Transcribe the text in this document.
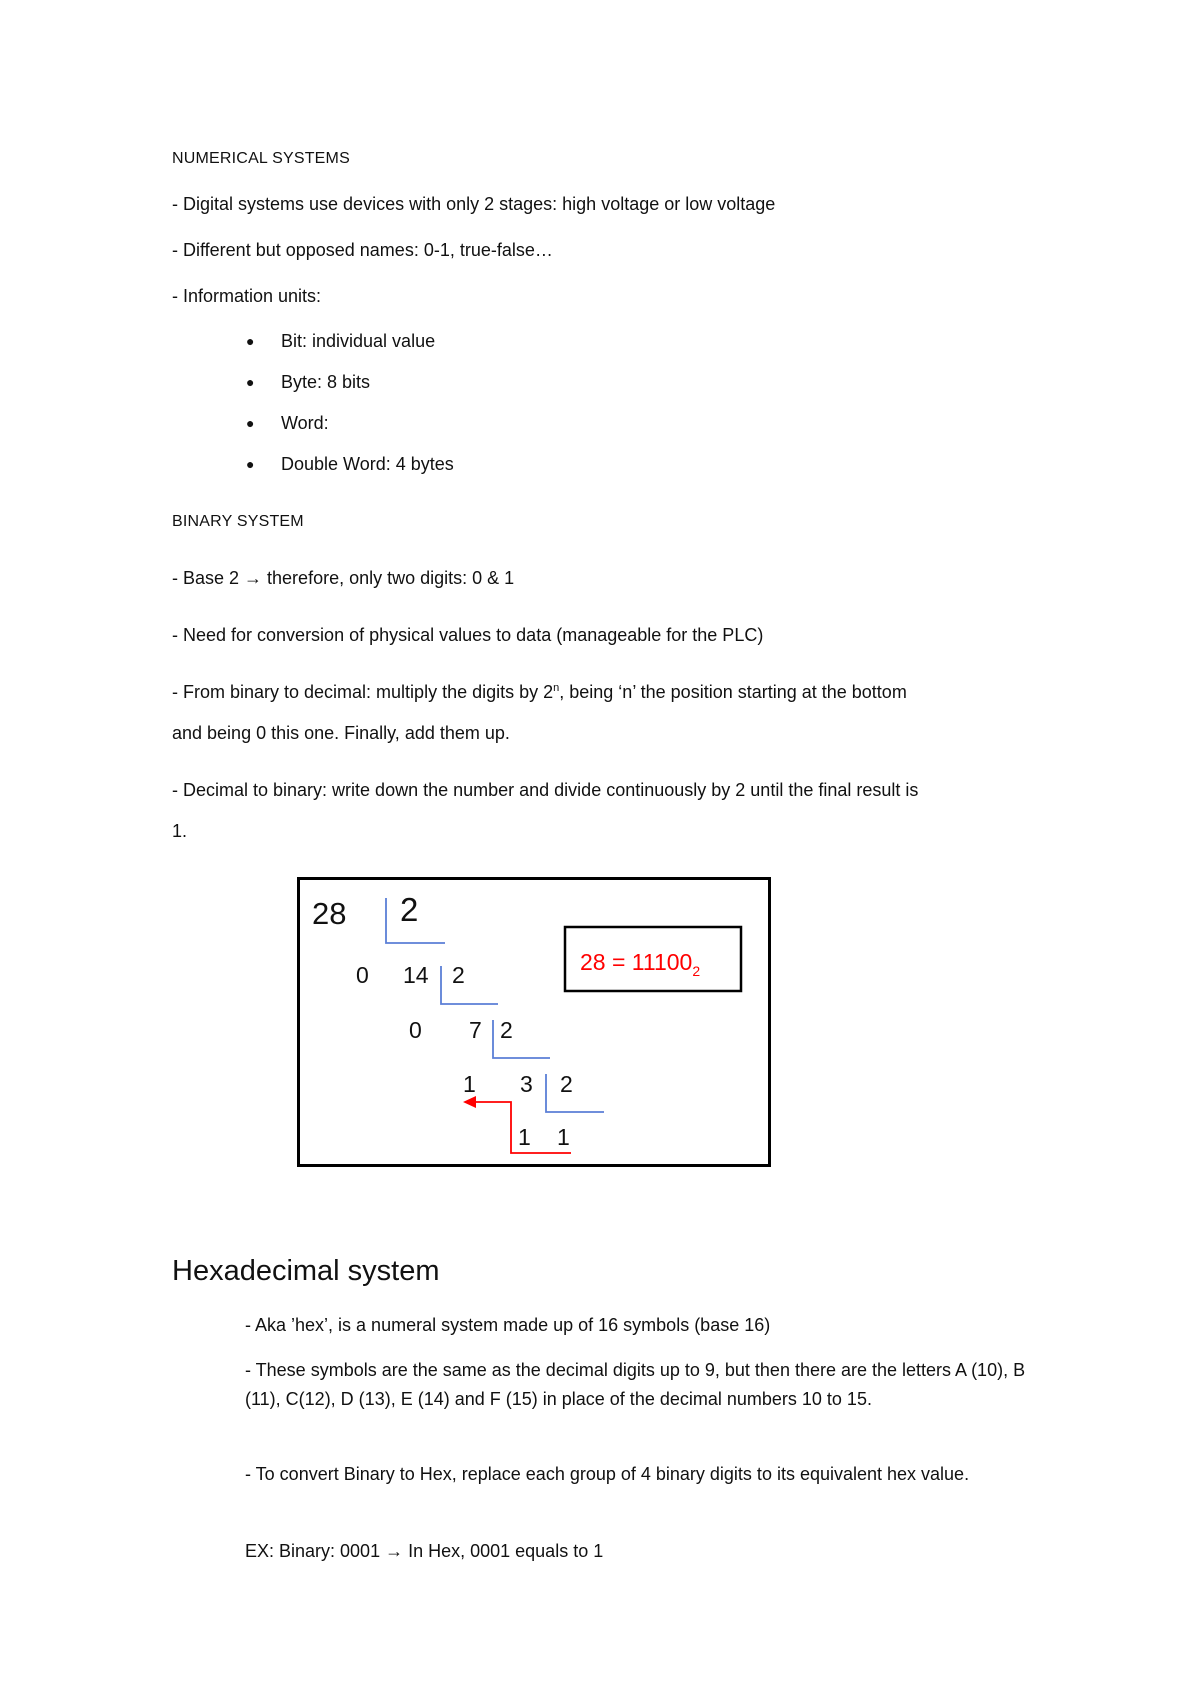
NUMERICAL SYSTEMS
- Digital systems use devices with only 2 stages: high voltage or low voltage
- Different but opposed names: 0-1, true-false…
- Information units:
● Bit: individual value
● Byte: 8 bits
● Word:
● Double Word: 4 bytes
BINARY SYSTEM
- Base 2 → therefore, only two digits: 0 & 1
- Need for conversion of physical values to data (manageable for the PLC)
- From binary to decimal: multiply the digits by 2$^n$, being ‘n’ the position starting at the bottom
and being 0 this one. Finally, add them up.
- Decimal to binary: write down the number and divide continuously by 2 until the final result is
1.
28 2
0 14 2
0 7 2
1 3 2
1 1
$28 = 11100_2$
Hexadecimal system
- Aka ’hex’, is a numeral system made up of 16 symbols (base 16)
- These symbols are the same as the decimal digits up to 9, but then there are the letters A (10), B (11), C(12), D (13), E (14) and F (15) in place of the decimal numbers 10 to 15.
- To convert Binary to Hex, replace each group of 4 binary digits to its equivalent hex value.
EX: Binary: 0001 → In Hex, 0001 equals to 1
